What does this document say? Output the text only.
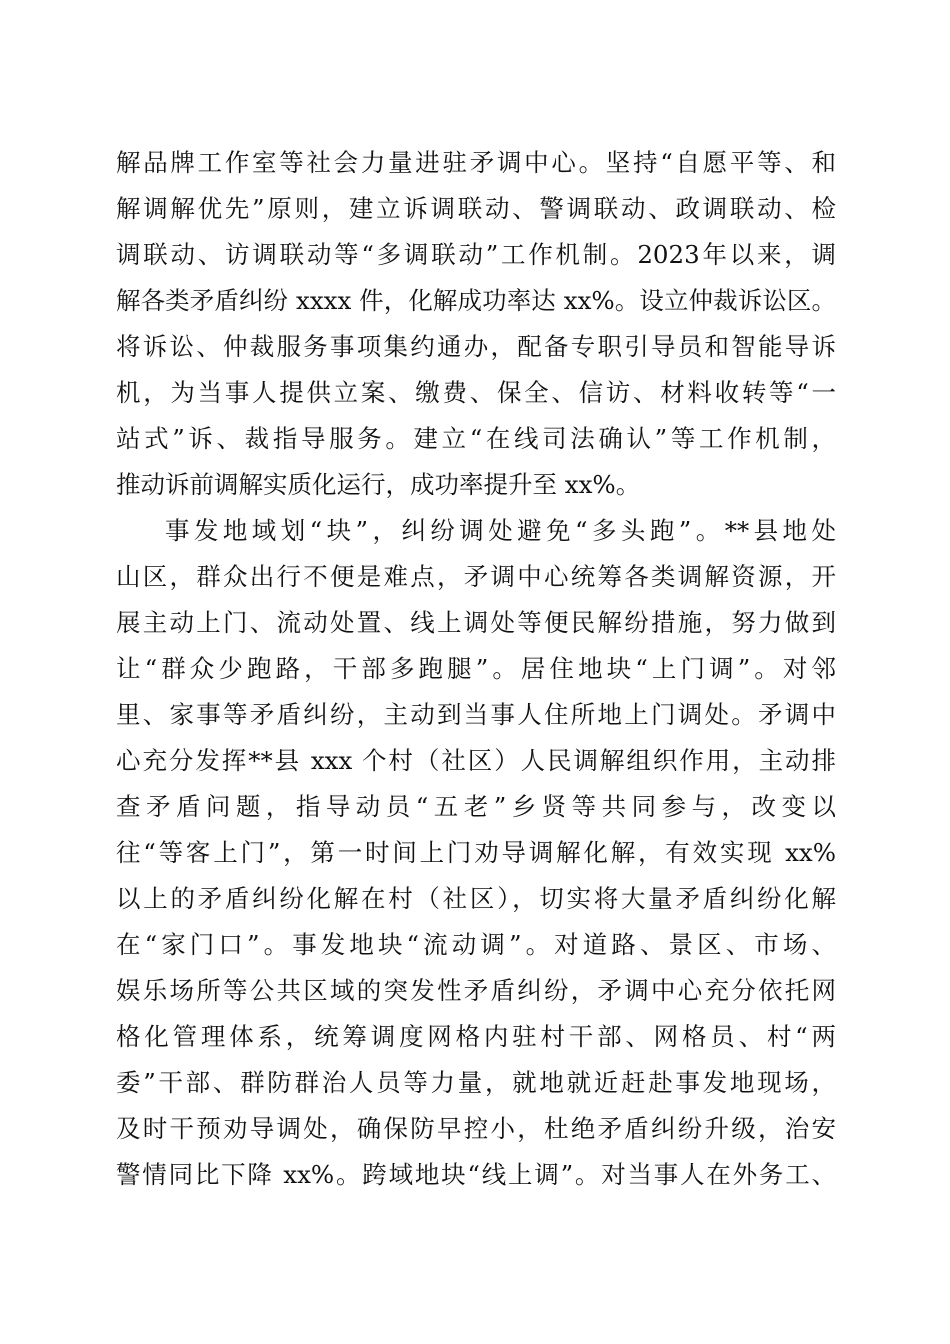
解品牌工作室等社会力量进驻矛调中心。坚持“自愿平等、和
解调解优先”原则，建立诉调联动、警调联动、政调联动、检
调联动、访调联动等“多调联动”工作机制。2023年以来，调
解各类矛盾纠纷 xxxx 件，化解成功率达 xx%。设立仲裁诉讼区。
将诉讼、仲裁服务事项集约通办，配备专职引导员和智能导诉
机，为当事人提供立案、缴费、保全、信访、材料收转等“一
站式”诉、裁指导服务。建立“在线司法确认”等工作机制，
推动诉前调解实质化运行，成功率提升至 xx%。
事发地域划“块”，纠纷调处避免“多头跑”。**县地处
山区，群众出行不便是难点，矛调中心统筹各类调解资源，开
展主动上门、流动处置、线上调处等便民解纷措施，努力做到
让“群众少跑路，干部多跑腿”。居住地块“上门调”。对邻
里、家事等矛盾纠纷，主动到当事人住所地上门调处。矛调中
心充分发挥**县 xxx 个村（社区）人民调解组织作用，主动排
查矛盾问题，指导动员“五老”乡贤等共同参与，改变以
往“等客上门”，第一时间上门劝导调解化解，有效实现 xx%
以上的矛盾纠纷化解在村（社区），切实将大量矛盾纠纷化解
在“家门口”。事发地块“流动调”。对道路、景区、市场、
娱乐场所等公共区域的突发性矛盾纠纷，矛调中心充分依托网
格化管理体系，统筹调度网格内驻村干部、网格员、村“两
委”干部、群防群治人员等力量，就地就近赶赴事发地现场，
及时干预劝导调处，确保防早控小，杜绝矛盾纠纷升级，治安
警情同比下降 xx%。跨域地块“线上调”。对当事人在外务工、
